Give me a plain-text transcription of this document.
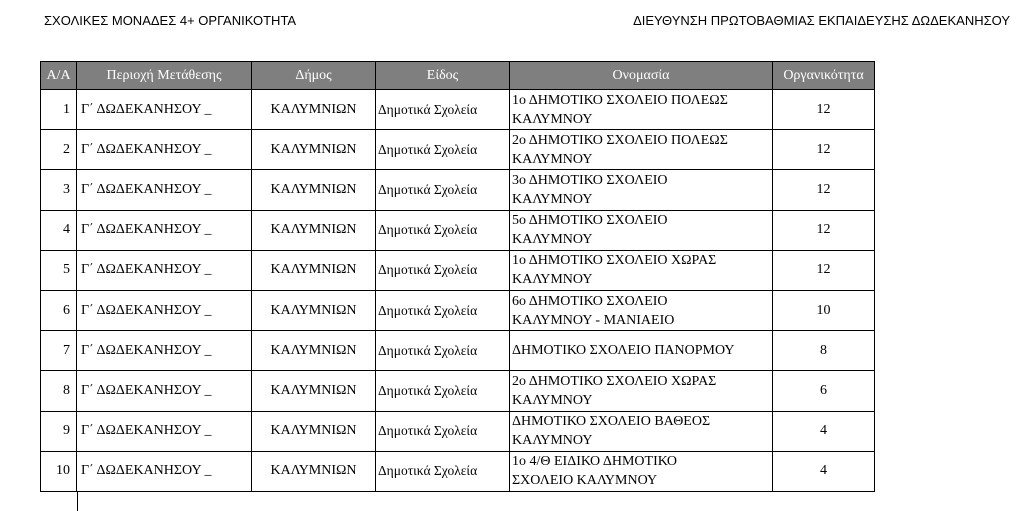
ΣΧΟΛΙΚΕΣ ΜΟΝΑΔΕΣ 4+ ΟΡΓΑΝΙΚΟΤΗΤΑ	ΔΙΕΥΘΥΝΣΗ ΠΡΩΤΟΒΑΘΜΙΑΣ ΕΚΠΑΙΔΕΥΣΗΣ ΔΩΔΕΚΑΝΗΣΟΥ
Α/Α	Περιοχή Μετάθεσης	Δήμος	Είδος	Ονομασία	Οργανικότητα
1	Γ΄ ΔΩΔΕΚΑΝΗΣΟΥ _	ΚΑΛΥΜΝΙΩΝ	Δημοτικά Σχολεία	1ο ΔΗΜΟΤΙΚΟ ΣΧΟΛΕΙΟ ΠΟΛΕΩΣ
ΚΑΛΥΜΝΟΥ	12
2	Γ΄ ΔΩΔΕΚΑΝΗΣΟΥ _	ΚΑΛΥΜΝΙΩΝ	Δημοτικά Σχολεία	2ο ΔΗΜΟΤΙΚΟ ΣΧΟΛΕΙΟ ΠΟΛΕΩΣ
ΚΑΛΥΜΝΟΥ	12
3	Γ΄ ΔΩΔΕΚΑΝΗΣΟΥ _	ΚΑΛΥΜΝΙΩΝ	Δημοτικά Σχολεία	3ο ΔΗΜΟΤΙΚΟ ΣΧΟΛΕΙΟ
ΚΑΛΥΜΝΟΥ	12
4	Γ΄ ΔΩΔΕΚΑΝΗΣΟΥ _	ΚΑΛΥΜΝΙΩΝ	Δημοτικά Σχολεία	5ο ΔΗΜΟΤΙΚΟ ΣΧΟΛΕΙΟ
ΚΑΛΥΜΝΟΥ	12
5	Γ΄ ΔΩΔΕΚΑΝΗΣΟΥ _	ΚΑΛΥΜΝΙΩΝ	Δημοτικά Σχολεία	1ο ΔΗΜΟΤΙΚΟ ΣΧΟΛΕΙΟ ΧΩΡΑΣ
ΚΑΛΥΜΝΟΥ	12
6	Γ΄ ΔΩΔΕΚΑΝΗΣΟΥ _	ΚΑΛΥΜΝΙΩΝ	Δημοτικά Σχολεία	6ο ΔΗΜΟΤΙΚΟ ΣΧΟΛΕΙΟ
ΚΑΛΥΜΝΟΥ - ΜΑΝΙΑΕΙΟ	10
7	Γ΄ ΔΩΔΕΚΑΝΗΣΟΥ _	ΚΑΛΥΜΝΙΩΝ	Δημοτικά Σχολεία	ΔΗΜΟΤΙΚΟ ΣΧΟΛΕΙΟ ΠΑΝΟΡΜΟΥ	8
8	Γ΄ ΔΩΔΕΚΑΝΗΣΟΥ _	ΚΑΛΥΜΝΙΩΝ	Δημοτικά Σχολεία	2ο ΔΗΜΟΤΙΚΟ ΣΧΟΛΕΙΟ ΧΩΡΑΣ
ΚΑΛΥΜΝΟΥ	6
9	Γ΄ ΔΩΔΕΚΑΝΗΣΟΥ _	ΚΑΛΥΜΝΙΩΝ	Δημοτικά Σχολεία	ΔΗΜΟΤΙΚΟ ΣΧΟΛΕΙΟ ΒΑΘΕΟΣ
ΚΑΛΥΜΝΟΥ	4
10	Γ΄ ΔΩΔΕΚΑΝΗΣΟΥ _	ΚΑΛΥΜΝΙΩΝ	Δημοτικά Σχολεία	1ο 4/Θ ΕΙΔΙΚΟ ΔΗΜΟΤΙΚΟ
ΣΧΟΛΕΙΟ ΚΑΛΥΜΝΟΥ	4
